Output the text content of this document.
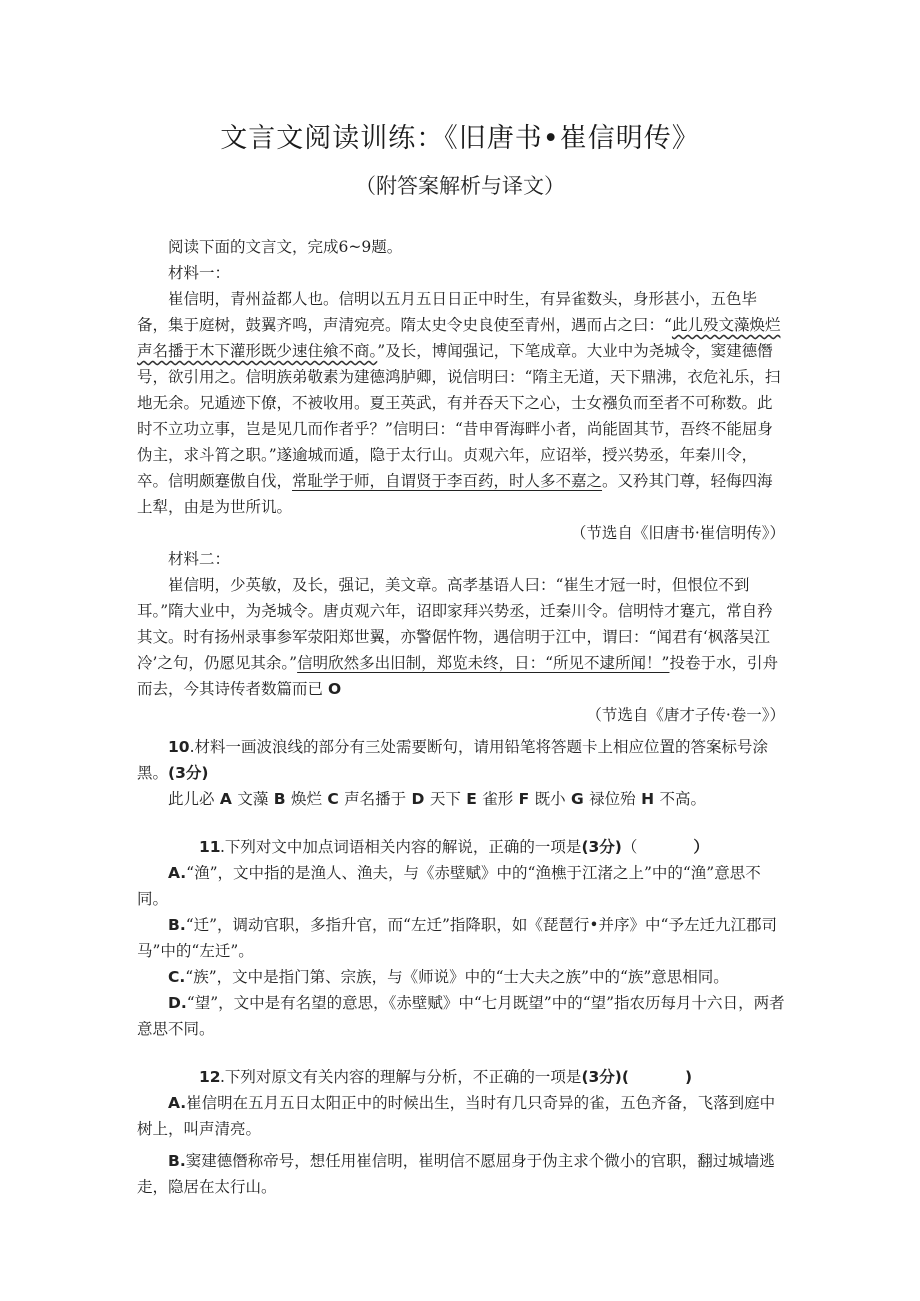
文言文阅读训练：《旧唐书•崔信明传》
（附答案解析与译文）

阅读下面的文言文，完成6~9题。

材料一：

崔信明，青州益都人也。信明以五月五日日正中时生，有异雀数头，身形甚小，五色毕备，集于庭树，鼓翼齐鸣，声清宛亮。隋太史令史良使至青州，遇而占之曰：“此儿殁文藻焕烂声名播于木下灌形既少速住飨不商。”及长，博闻强记，下笔成章。大业中为尧城令，窦建德僭号，欲引用之。信明族弟敬素为建德鸿胪卿，说信明曰：“隋主无道，天下鼎沸，衣危礼乐，扫地无余。兄遁迹下僚，不被收用。夏王英武，有并吞天下之心，士女襁负而至者不可称数。此时不立功立事，岂是见几而作者乎？”信明曰：“昔申胥海畔小者，尚能固其节，吾终不能屈身伪主，求斗筲之职。”遂逾城而遁，隐于太行山。贞观六年，应诏举，授兴势丞，年秦川令，卒。信明颇蹇傲自伐，常耻学于师，自谓贤于李百药，时人多不嘉之。又矜其门尊，轻侮四海上犁，由是为世所讥。

（节选自《旧唐书·崔信明传》）

材料二：

崔信明，少英敏，及长，强记，美文章。高孝基语人曰：“崔生才冠一时，但恨位不到耳。”隋大业中，为尧城令。唐贞观六年，诏即家拜兴势丞，迁秦川令。信明恃才蹇亢，常自矜其文。时有扬州录事参军荥阳郑世翼，亦警倨忤物，遇信明于江中，谓曰：“闻君有‘枫落吴江冷’之句，仍愿见其余。”信明欣然多出旧制，郑览未终，日：“所见不逮所闻！”投卷于水，引舟而去，今其诗传者数篇而已 O

（节选自《唐才子传·卷一》）

10.材料一画波浪线的部分有三处需要断句，请用铅笔将答题卡上相应位置的答案标号涂黑。(3分)

此儿必 A 文藻 B 焕烂 C 声名播于 D 天下 E 雀形 F 既小 G 禄位殆 H 不高。

11.下列对文中加点词语相关内容的解说，正确的一项是(3分)（	）

A.“渔”，文中指的是渔人、渔夫，与《赤壁赋》中的“渔樵于江渚之上”中的“渔”意思不同。

B.“迁”，调动官职，多指升官，而“左迁”指降职，如《琵琶行•并序》中“予左迁九江郡司马”中的“左迁”。

C.“族”，文中是指门第、宗族，与《师说》中的“士大夫之族”中的“族”意思相同。

D.“望”，文中是有名望的意思，《赤壁赋》中“七月既望”中的“望”指农历每月十六日，两者意思不同。

12.下列对原文有关内容的理解与分析，不正确的一项是(3分)(	)

A.崔信明在五月五日太阳正中的时候出生，当时有几只奇异的雀，五色齐备，飞落到庭中树上，叫声清亮。

B.窦建德僭称帝号，想任用崔信明，崔明信不愿屈身于伪主求个微小的官职，翻过城墙逃走，隐居在太行山。
